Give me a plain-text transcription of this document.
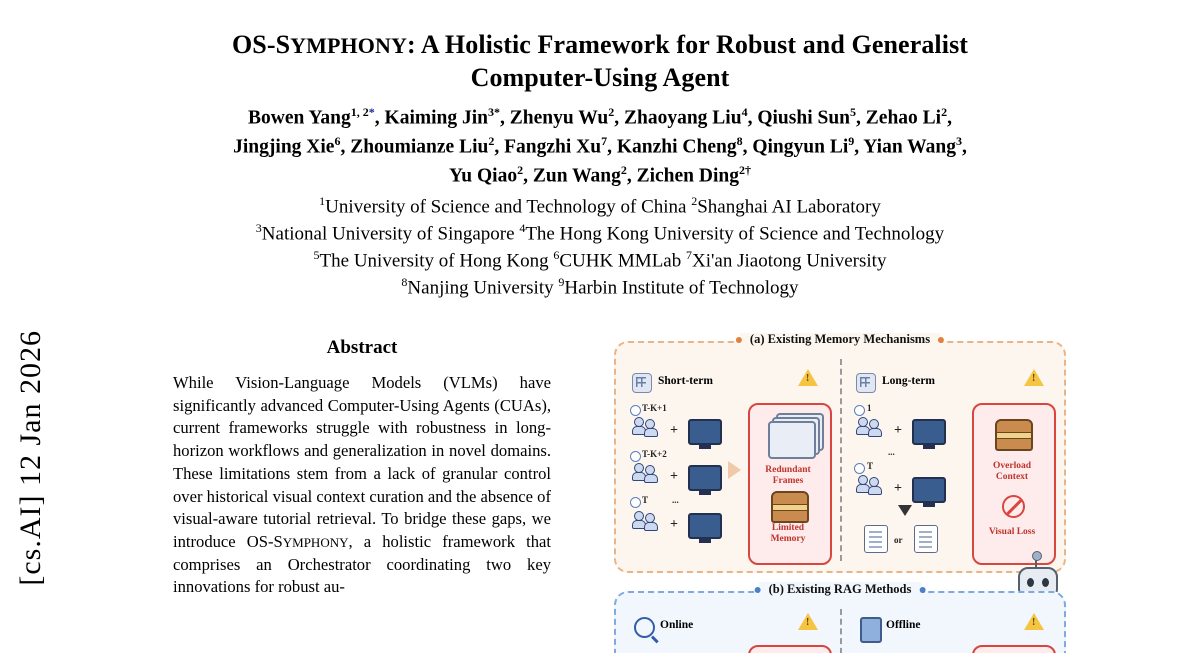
[cs.AI] 12 Jan 2026
OS-SYMPHONY: A Holistic Framework for Robust and Generalist
Computer-Using Agent
Bowen Yang$^{1, 2*}$, Kaiming Jin$^{3*}$, Zhenyu Wu$^2$, Zhaoyang Liu$^4$, Qiushi Sun$^5$, Zehao Li$^2$,
Jingjing Xie$^6$, Zhoumianze Liu$^2$, Fangzhi Xu$^7$, Kanzhi Cheng$^8$, Qingyun Li$^9$, Yian Wang$^3$,
Yu Qiao$^2$, Zun Wang$^2$, Zichen Ding$^{2\dagger}$
$^1$University of Science and Technology of China $^2$Shanghai AI Laboratory
$^3$National University of Singapore $^4$The Hong Kong University of Science and Technology
$^5$The University of Hong Kong $^6$CUHK MMLab $^7$Xi'an Jiaotong University
$^8$Nanjing University $^9$Harbin Institute of Technology
Abstract
While Vision-Language Models (VLMs) have significantly advanced Computer-Using Agents (CUAs), current frameworks struggle with robustness in long-horizon workflows and generalization in novel domains. These limitations stem from a lack of granular control over historical visual context curation and the absence of visual-aware tutorial retrieval. To bridge these gaps, we introduce OS-SYMPHONY, a holistic framework that comprises an Orchestrator coordinating two key innovations for robust au-
(a) Existing Memory Mechanisms
Short-term
!
T-K+1
+
T-K+2
+
T	...
+
Redundant
Frames
Limited
Memory
Long-term
!
1
+
...
T
+
or
Overload
Context
Visual Loss
(b) Existing RAG Methods
Online !	Offline
!
